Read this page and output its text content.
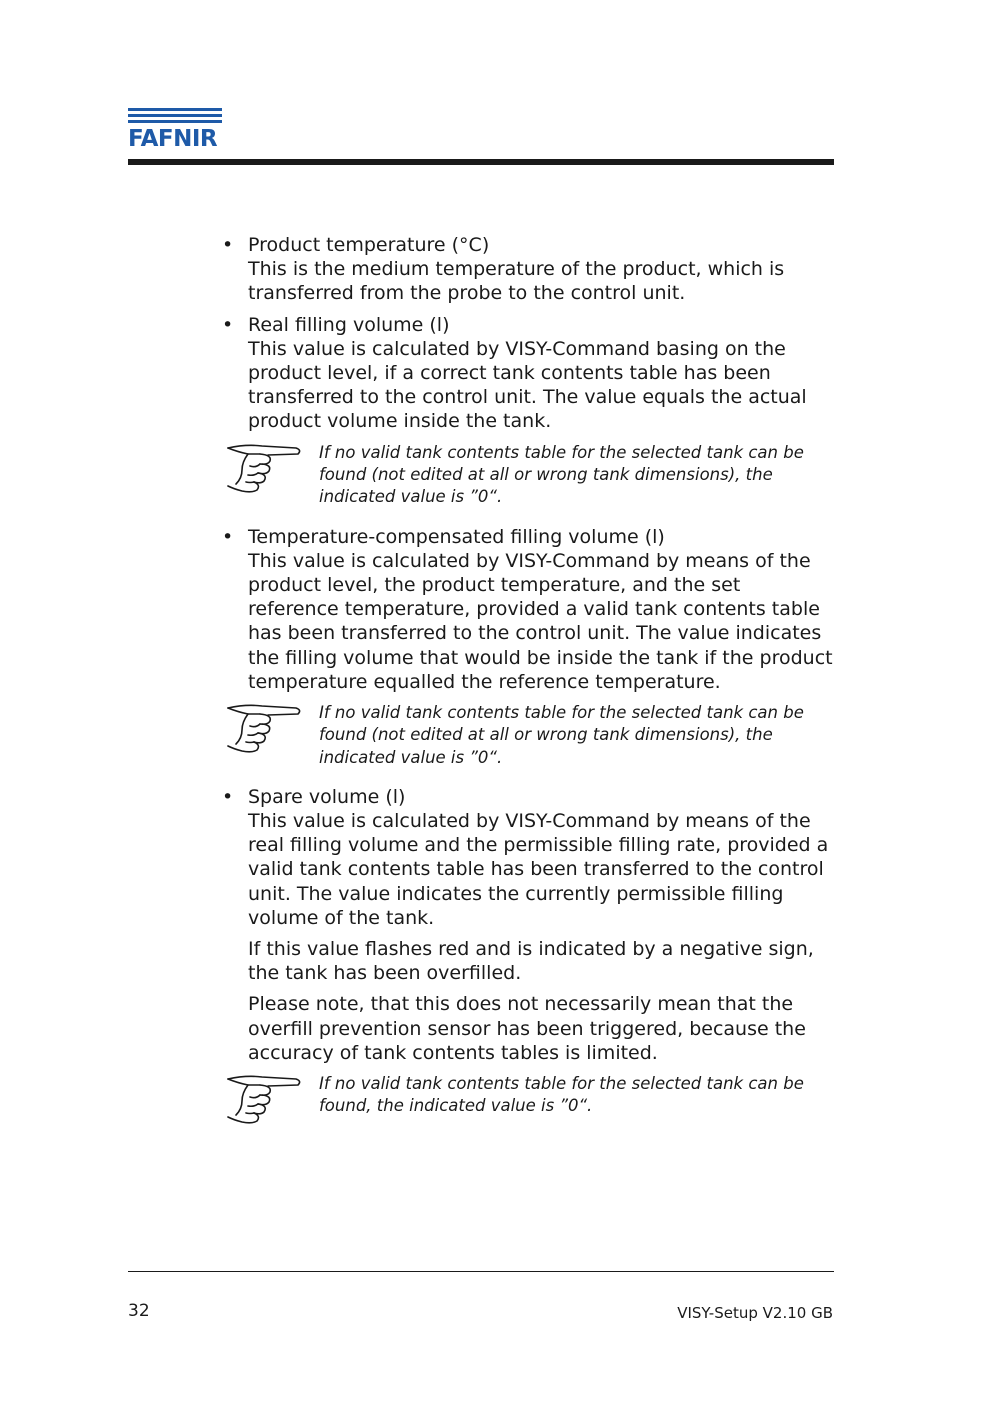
FAFNIR
• Product temperature (°C)

This is the medium temperature of the product, which is transferred from the probe to the control unit.

• Real filling volume (l)

This value is calculated by VISY-Command basing on the product level, if a correct tank contents table has been transferred to the control unit. The value equals the actual product volume inside the tank.

If no valid tank contents table for the selected tank can be found (not edited at all or wrong tank dimensions), the indicated value is ”0“.

• Temperature-compensated filling volume (l)

This value is calculated by VISY-Command by means of the product level, the product temperature, and the set reference temperature, provided a valid tank contents table has been transferred to the control unit. The value indicates the filling volume that would be inside the tank if the product temperature equalled the reference temperature.

If no valid tank contents table for the selected tank can be found (not edited at all or wrong tank dimensions), the indicated value is ”0“.

• Spare volume (l)

This value is calculated by VISY-Command by means of the real filling volume and the permissible filling rate, provided a valid tank contents table has been transferred to the control unit. The value indicates the currently permissible filling volume of the tank.

If this value flashes red and is indicated by a negative sign, the tank has been overfilled.

Please note, that this does not necessarily mean that the overfill prevention sensor has been triggered, because the accuracy of tank contents tables is limited.

If no valid tank contents table for the selected tank can be found, the indicated value is ”0“.

32	VISY-Setup V2.10 GB
